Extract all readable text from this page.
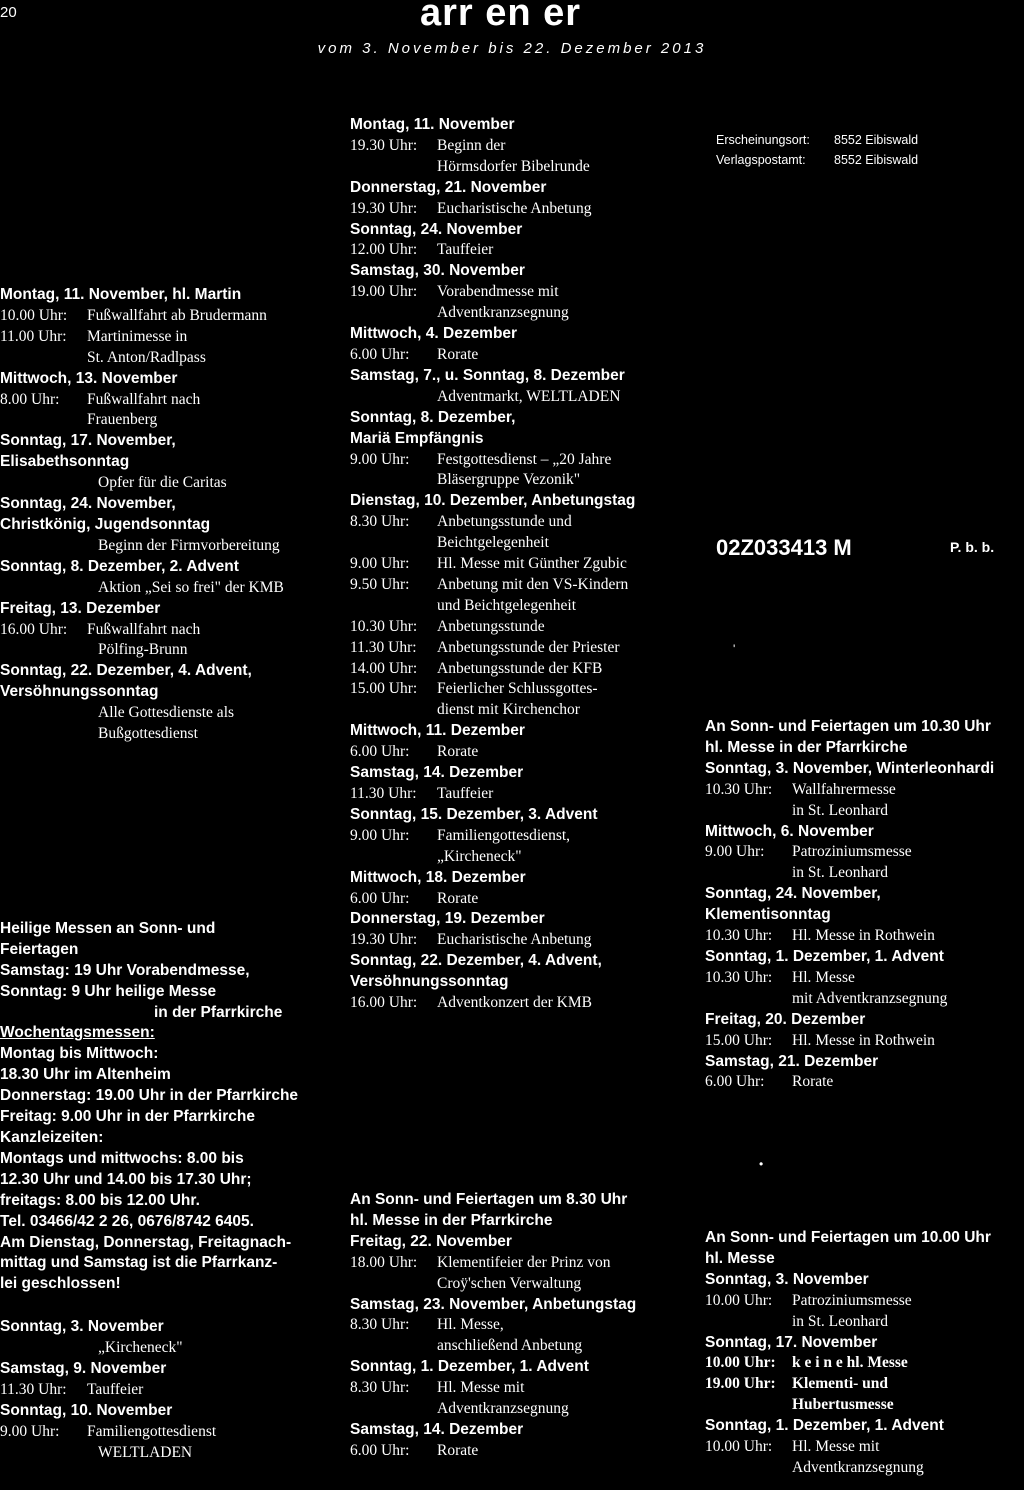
20	arr en er
vom 3. November bis 22. Dezember 2013
Montag, 11. November, hl. Martin
10.00 Uhr:	Fußwallfahrt ab Brudermann
11.00 Uhr:	Martinimesse in
St. Anton/Radlpass
Mittwoch, 13. November
8.00 Uhr:	Fußwallfahrt nach
Frauenberg
Sonntag, 17. November,
Elisabethsonntag
Opfer für die Caritas
Sonntag, 24. November,
Christkönig, Jugendsonntag
Beginn der Firmvorbereitung
Sonntag, 8. Dezember, 2. Advent
Aktion „Sei so frei" der KMB
Freitag, 13. Dezember
16.00 Uhr:	Fußwallfahrt nach
Pölfing-Brunn
Sonntag, 22. Dezember, 4. Advent,
Versöhnungssonntag
Alle Gottesdienste als
Bußgottesdienst
Heilige Messen an Sonn- und
Feiertagen
Samstag: 19 Uhr Vorabendmesse,
Sonntag: 9 Uhr heilige Messe
in der Pfarrkirche
Wochentagsmessen:
Montag bis Mittwoch:
18.30 Uhr im Altenheim
Donnerstag: 19.00 Uhr in der Pfarrkirche
Freitag: 9.00 Uhr in der Pfarrkirche
Kanzleizeiten:
Montags und mittwochs: 8.00 bis
12.30 Uhr und 14.00 bis 17.30 Uhr;
freitags: 8.00 bis 12.00 Uhr.
Tel. 03466/42 2 26, 0676/8742 6405.
Am Dienstag, Donnerstag, Freitagnach-
mittag und Samstag ist die Pfarrkanz-
lei geschlossen!
Sonntag, 3. November
„Kircheneck"
Samstag, 9. November
11.30 Uhr:	Tauffeier
Sonntag, 10. November
9.00 Uhr:	Familiengottesdienst
WELTLADEN
Montag, 11. November
19.30 Uhr:	Beginn der
Hörmsdorfer Bibelrunde
Donnerstag, 21. November
19.30 Uhr:	Eucharistische Anbetung
Sonntag, 24. November
12.00 Uhr:	Tauffeier
Samstag, 30. November
19.00 Uhr:	Vorabendmesse mit
Adventkranzsegnung
Mittwoch, 4. Dezember
6.00 Uhr:	Rorate
Samstag, 7., u. Sonntag, 8. Dezember
Adventmarkt, WELTLADEN
Sonntag, 8. Dezember,
Mariä Empfängnis
9.00 Uhr:	Festgottesdienst – „20 Jahre
Bläsergruppe Vezonik"
Dienstag, 10. Dezember, Anbetungstag
8.30 Uhr:	Anbetungsstunde und
Beichtgelegenheit
9.00 Uhr:	Hl. Messe mit Günther Zgubic
9.50 Uhr:	Anbetung mit den VS-Kindern
und Beichtgelegenheit
10.30 Uhr:	Anbetungsstunde
11.30 Uhr:	Anbetungsstunde der Priester
14.00 Uhr:	Anbetungsstunde der KFB
15.00 Uhr:	Feierlicher Schlussgottes-
dienst mit Kirchenchor
Mittwoch, 11. Dezember
6.00 Uhr:	Rorate
Samstag, 14. Dezember
11.30 Uhr:	Tauffeier
Sonntag, 15. Dezember, 3. Advent
9.00 Uhr:	Familiengottesdienst,
„Kircheneck"
Mittwoch, 18. Dezember
6.00 Uhr:	Rorate
Donnerstag, 19. Dezember
19.30 Uhr:	Eucharistische Anbetung
Sonntag, 22. Dezember, 4. Advent,
Versöhnungssonntag
16.00 Uhr:	Adventkonzert der KMB
An Sonn- und Feiertagen um 8.30 Uhr
hl. Messe in der Pfarrkirche
Freitag, 22. November
18.00 Uhr:	Klementifeier der Prinz von
Croÿ'schen Verwaltung
Samstag, 23. November, Anbetungstag
8.30 Uhr:	Hl. Messe,
anschließend Anbetung
Sonntag, 1. Dezember, 1. Advent
8.30 Uhr:	Hl. Messe mit
Adventkranzsegnung
Samstag, 14. Dezember
6.00 Uhr:	Rorate
Erscheinungsort: 8552 Eibiswald
Verlagspostamt: 8552 Eibiswald
02Z033413 M	P. b. b.
'
•
An Sonn- und Feiertagen um 10.30 Uhr
hl. Messe in der Pfarrkirche
Sonntag, 3. November, Winterleonhardi
10.30 Uhr:	Wallfahrermesse
in St. Leonhard
Mittwoch, 6. November
9.00 Uhr:	Patroziniumsmesse
in St. Leonhard
Sonntag, 24. November,
Klementisonntag
10.30 Uhr:	Hl. Messe in Rothwein
Sonntag, 1. Dezember, 1. Advent
10.30 Uhr:	Hl. Messe
mit Adventkranzsegnung
Freitag, 20. Dezember
15.00 Uhr:	Hl. Messe in Rothwein
Samstag, 21. Dezember
6.00 Uhr:	Rorate
An Sonn- und Feiertagen um 10.00 Uhr
hl. Messe
Sonntag, 3. November
10.00 Uhr:	Patroziniumsmesse
in St. Leonhard
Sonntag, 17. November
10.00 Uhr:	k e i n e hl. Messe
19.00 Uhr:	Klementi- und
Hubertusmesse
Sonntag, 1. Dezember, 1. Advent
10.00 Uhr:	Hl. Messe mit
Adventkranzsegnung
